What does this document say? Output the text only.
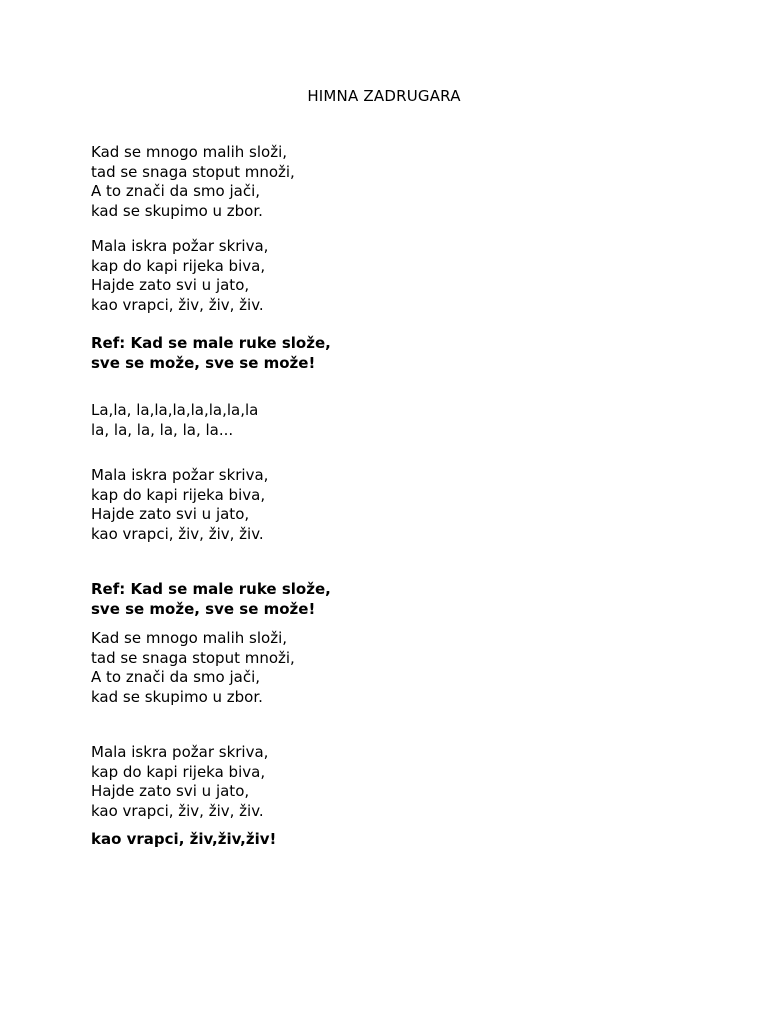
HIMNA ZADRUGARA
Kad se mnogo malih složi,
tad se snaga stoput množi,
A to znači da smo jači,
kad se skupimo u zbor.
Mala iskra požar skriva,
kap do kapi rijeka biva,
Hajde zato svi u jato,
kao vrapci, živ, živ, živ.
Ref: Kad se male ruke slože,
sve se može, sve se može!
La,la, la,la,la,la,la,la,la
la, la, la, la, la, la...
Mala iskra požar skriva,
kap do kapi rijeka biva,
Hajde zato svi u jato,
kao vrapci, živ, živ, živ.
Ref: Kad se male ruke slože,
sve se može, sve se može!
Kad se mnogo malih složi,
tad se snaga stoput množi,
A to znači da smo jači,
kad se skupimo u zbor.
Mala iskra požar skriva,
kap do kapi rijeka biva,
Hajde zato svi u jato,
kao vrapci, živ, živ, živ.
kao vrapci, živ,živ,živ!
